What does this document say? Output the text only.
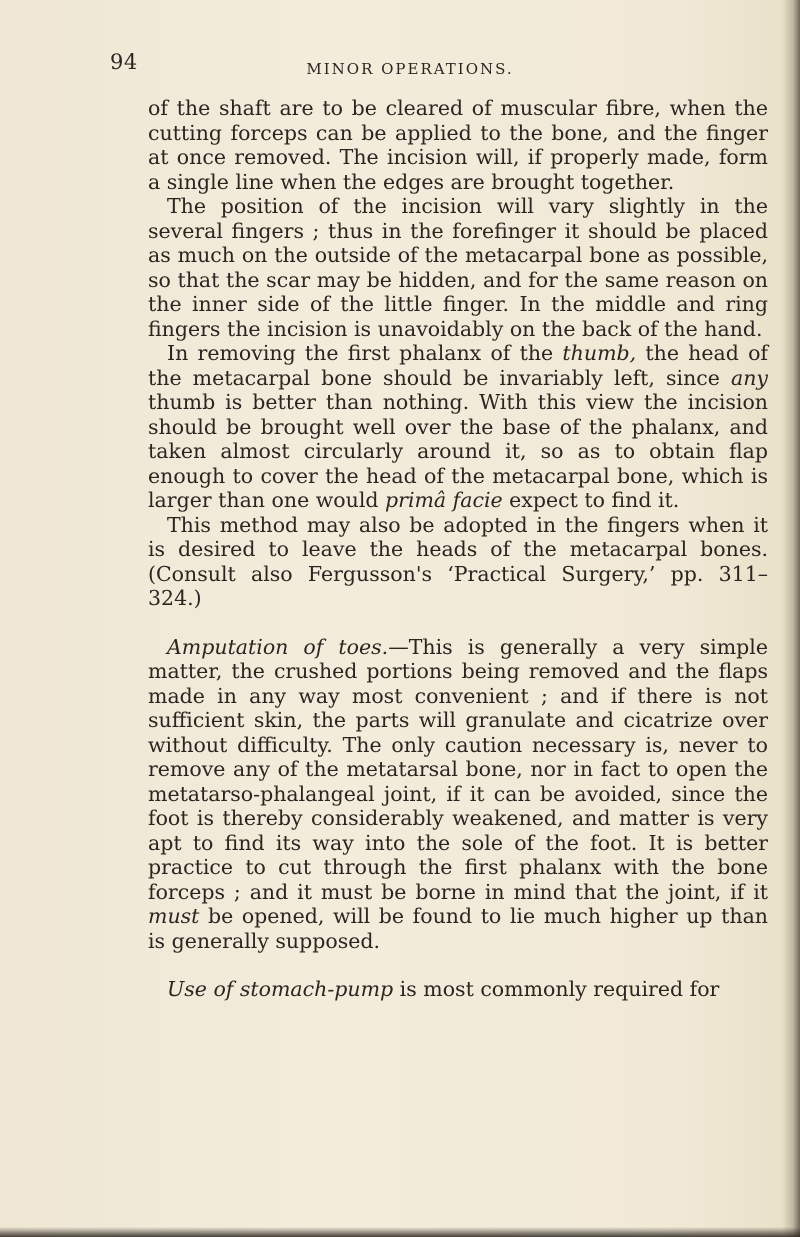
94	MINOR OPERATIONS.

of the shaft are to be cleared of muscular fibre, when the cutting forceps can be applied to the bone, and the finger at once removed. The incision will, if properly made, form a single line when the edges are brought together.

The position of the incision will vary slightly in the several fingers ; thus in the forefinger it should be placed as much on the outside of the metacarpal bone as possible, so that the scar may be hidden, and for the same reason on the inner side of the little finger. In the middle and ring fingers the incision is unavoidably on the back of the hand.

In removing the first phalanx of the thumb, the head of the metacarpal bone should be invariably left, since any thumb is better than nothing. With this view the incision should be brought well over the base of the phalanx, and taken almost circularly around it, so as to obtain flap enough to cover the head of the metacarpal bone, which is larger than one would primâ facie expect to find it.

This method may also be adopted in the fingers when it is desired to leave the heads of the metacarpal bones. (Consult also Fergusson's ‘Practical Surgery,’ pp. 311–324.)

Amputation of toes.—This is generally a very simple matter, the crushed portions being removed and the flaps made in any way most convenient ; and if there is not sufficient skin, the parts will granulate and cicatrize over without difficulty. The only caution necessary is, never to remove any of the metatarsal bone, nor in fact to open the metatarso-phalangeal joint, if it can be avoided, since the foot is thereby considerably weakened, and matter is very apt to find its way into the sole of the foot. It is better practice to cut through the first phalanx with the bone forceps ; and it must be borne in mind that the joint, if it must be opened, will be found to lie much higher up than is generally supposed.

Use of stomach-pump is most commonly required for
